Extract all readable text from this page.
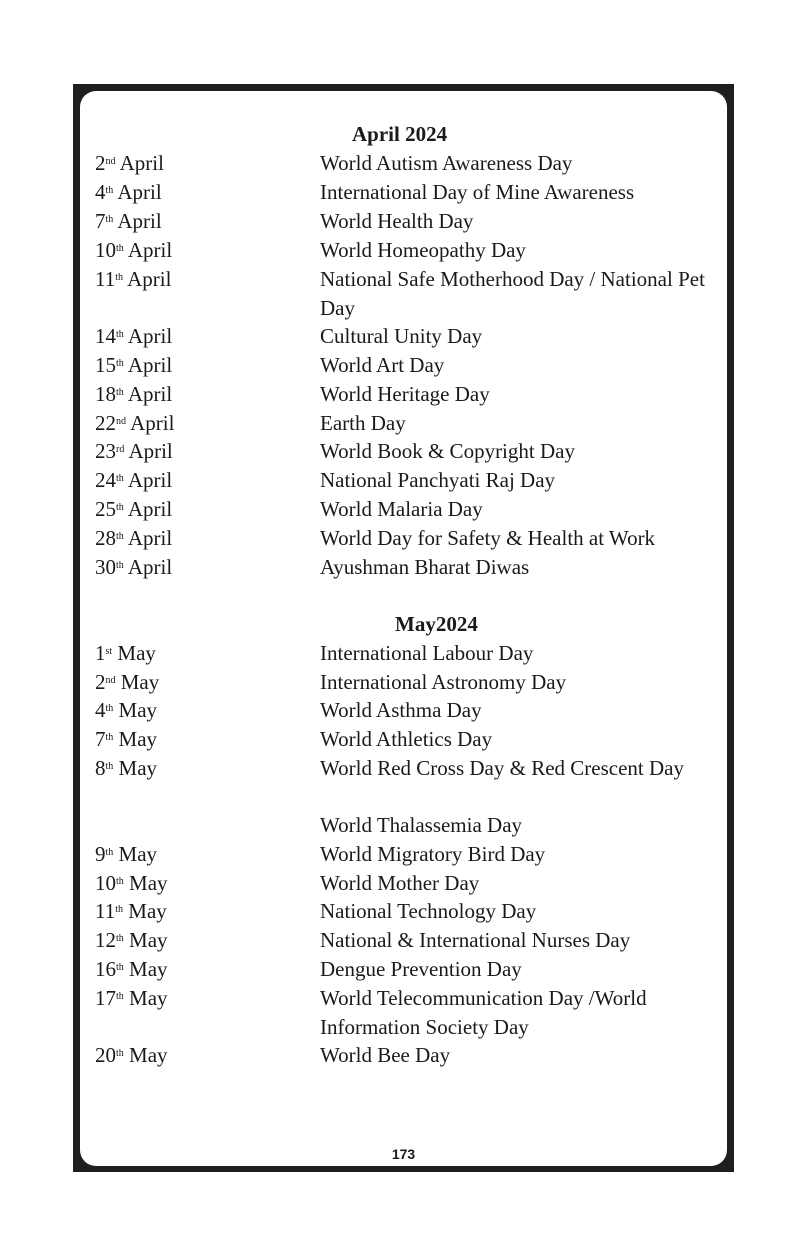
April 2024
2nd April	World Autism Awareness Day
4th April	International Day of Mine Awareness
7th April	World Health Day
10th April	World Homeopathy Day
11th April	National Safe Motherhood Day / National Pet Day
14th April	Cultural Unity Day
15th April	World Art Day
18th April	World Heritage Day
22nd April	Earth Day
23rd April	World Book & Copyright Day
24th April	National Panchyati Raj Day
25th April	World Malaria Day
28th April	World Day for Safety & Health at Work
30th April	Ayushman Bharat Diwas
May2024
1st May	International Labour Day
2nd May	International Astronomy Day
4th May	World Asthma Day
7th May	World Athletics Day
8th May	World Red Cross Day & Red Crescent Day
World Thalassemia Day
9th May	World Migratory Bird Day
10th May	World Mother Day
11th May	National Technology Day
12th May	National & International Nurses Day
16th May	Dengue Prevention Day
17th May	World Telecommunication Day /World Information Society Day
20th May	World Bee Day
173
